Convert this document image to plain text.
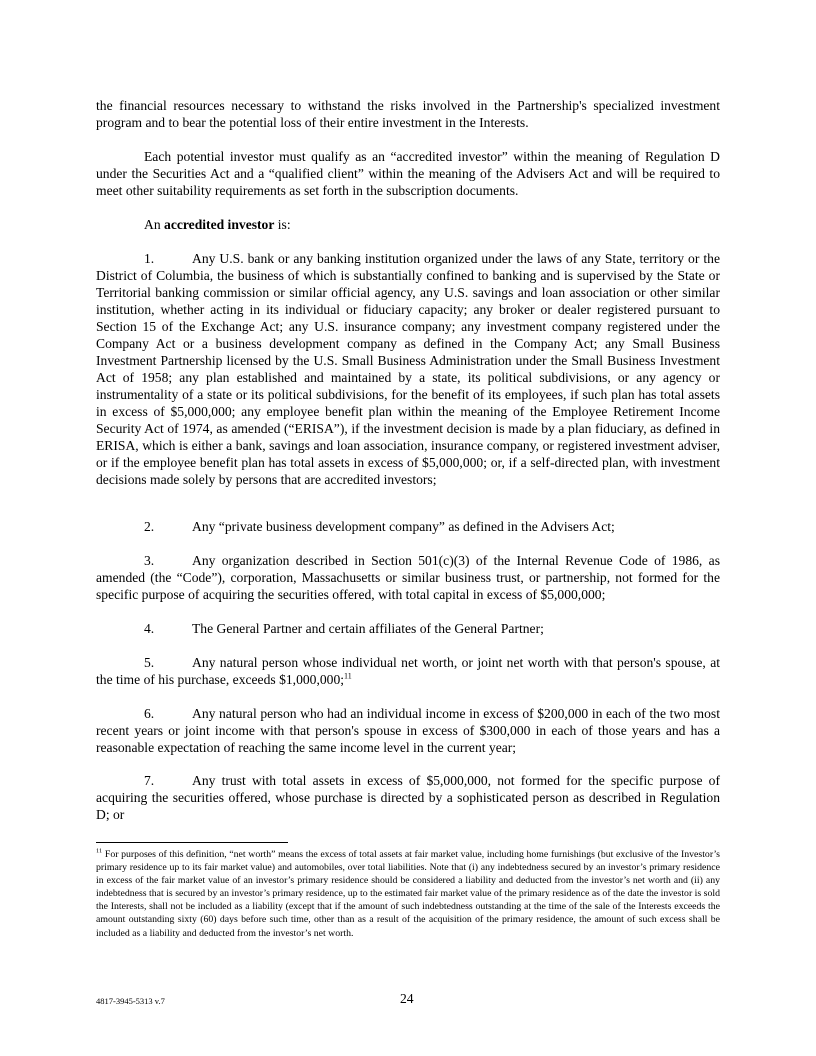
the financial resources necessary to withstand the risks involved in the Partnership's specialized investment program and to bear the potential loss of their entire investment in the Interests.

Each potential investor must qualify as an “accredited investor” within the meaning of Regulation D under the Securities Act and a “qualified client” within the meaning of the Advisers Act and will be required to meet other suitability requirements as set forth in the subscription documents.

An accredited investor is:

1.	Any U.S. bank or any banking institution organized under the laws of any State, territory or the District of Columbia, the business of which is substantially confined to banking and is supervised by the State or Territorial banking commission or similar official agency, any U.S. savings and loan association or other similar institution, whether acting in its individual or fiduciary capacity; any broker or dealer registered pursuant to Section 15 of the Exchange Act; any U.S. insurance company; any investment company registered under the Company Act or a business development company as defined in the Company Act; any Small Business Investment Partnership licensed by the U.S. Small Business Administration under the Small Business Investment Act of 1958; any plan established and maintained by a state, its political subdivisions, or any agency or instrumentality of a state or its political subdivisions, for the benefit of its employees, if such plan has total assets in excess of $5,000,000; any employee benefit plan within the meaning of the Employee Retirement Income Security Act of 1974, as amended (“ERISA”), if the investment decision is made by a plan fiduciary, as defined in ERISA, which is either a bank, savings and loan association, insurance company, or registered investment adviser, or if the employee benefit plan has total assets in excess of $5,000,000; or, if a self-directed plan, with investment decisions made solely by persons that are accredited investors;

2.	Any “private business development company” as defined in the Advisers Act;

3.	Any organization described in Section 501(c)(3) of the Internal Revenue Code of 1986, as amended (the “Code”), corporation, Massachusetts or similar business trust, or partnership, not formed for the specific purpose of acquiring the securities offered, with total capital in excess of $5,000,000;

4.	The General Partner and certain affiliates of the General Partner;

5.	Any natural person whose individual net worth, or joint net worth with that person's spouse, at the time of his purchase, exceeds $1,000,000;$^{11}$

6.	Any natural person who had an individual income in excess of $200,000 in each of the two most recent years or joint income with that person's spouse in excess of $300,000 in each of those years and has a reasonable expectation of reaching the same income level in the current year;

7.	Any trust with total assets in excess of $5,000,000, not formed for the specific purpose of acquiring the securities offered, whose purchase is directed by a sophisticated person as described in Regulation D; or

$^{11}$ For purposes of this definition, “net worth” means the excess of total assets at fair market value, including home furnishings (but exclusive of the Investor’s primary residence up to its fair market value) and automobiles, over total liabilities. Note that (i) any indebtedness secured by an investor’s primary residence in excess of the fair market value of an investor’s primary residence should be considered a liability and deducted from the investor’s net worth and (ii) any indebtedness that is secured by an investor’s primary residence, up to the estimated fair market value of the primary residence as of the date the investor is sold the Interests, shall not be included as a liability (except that if the amount of such indebtedness outstanding at the time of the sale of the Interests exceeds the amount outstanding sixty (60) days before such time, other than as a result of the acquisition of the primary residence, the amount of such excess shall be included as a liability and deducted from the investor’s net worth.

4817-3945-5313 v.7	24
